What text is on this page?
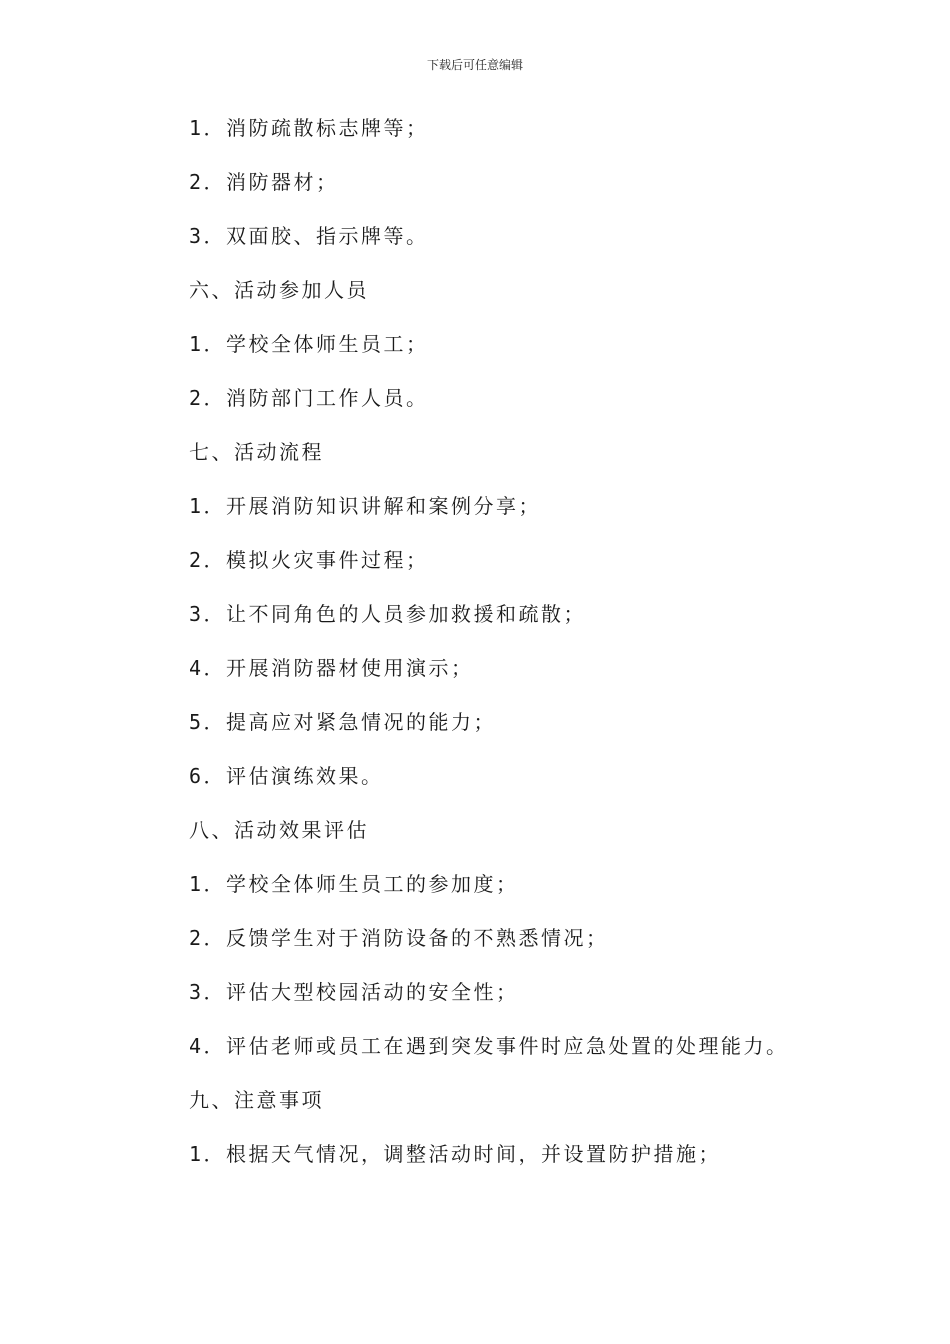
下载后可任意编辑
1．消防疏散标志牌等；
2．消防器材；
3．双面胶、指示牌等。
六、活动参加人员
1．学校全体师生员工；
2．消防部门工作人员。
七、活动流程
1．开展消防知识讲解和案例分享；
2．模拟火灾事件过程；
3．让不同角色的人员参加救援和疏散；
4．开展消防器材使用演示；
5．提高应对紧急情况的能力；
6．评估演练效果。
八、活动效果评估
1．学校全体师生员工的参加度；
2．反馈学生对于消防设备的不熟悉情况；
3．评估大型校园活动的安全性；
4．评估老师或员工在遇到突发事件时应急处置的处理能力。
九、注意事项
1．根据天气情况，调整活动时间，并设置防护措施；
